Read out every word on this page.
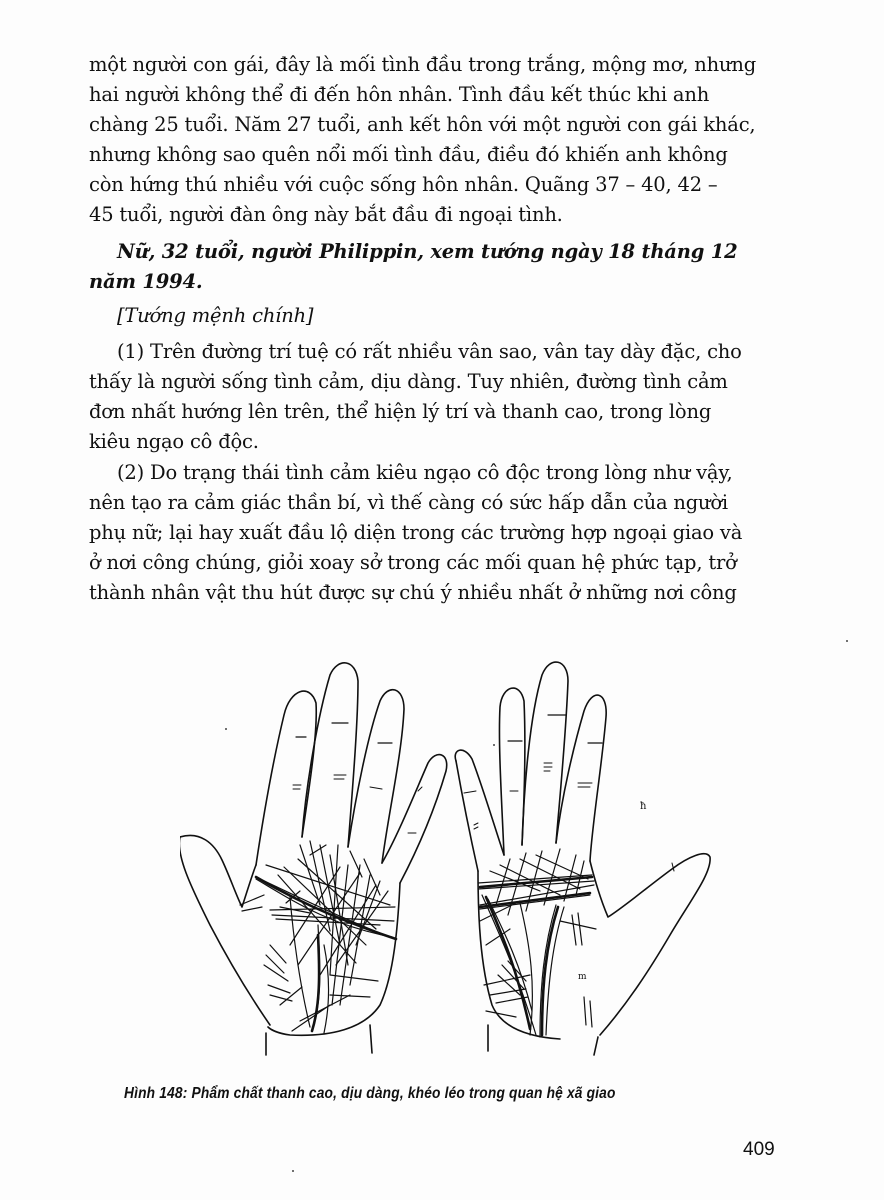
một người con gái, đây là mối tình đầu trong trắng, mộng mơ, nhưng
hai người không thể đi đến hôn nhân. Tình đầu kết thúc khi anh
chàng 25 tuổi. Năm 27 tuổi, anh kết hôn với một người con gái khác,
nhưng không sao quên nổi mối tình đầu, điều đó khiến anh không
còn hứng thú nhiều với cuộc sống hôn nhân. Quãng 37 – 40, 42 –
45 tuổi, người đàn ông này bắt đầu đi ngoại tình.

Nữ, 32 tuổi, người Philippin, xem tướng ngày 18 tháng 12
năm 1994.

[Tướng mệnh chính]

(1) Trên đường trí tuệ có rất nhiều vân sao, vân tay dày đặc, cho
thấy là người sống tình cảm, dịu dàng. Tuy nhiên, đường tình cảm
đơn nhất hướng lên trên, thể hiện lý trí và thanh cao, trong lòng
kiêu ngạo cô độc.

(2) Do trạng thái tình cảm kiêu ngạo cô độc trong lòng như vậy,
nên tạo ra cảm giác thần bí, vì thế càng có sức hấp dẫn của người
phụ nữ; lại hay xuất đầu lộ diện trong các trường hợp ngoại giao và
ở nơi công chúng, giỏi xoay sở trong các mối quan hệ phức tạp, trở
thành nhân vật thu hút được sự chú ý nhiều nhất ở những nơi công

m
ħ
Hình 148: Phẩm chất thanh cao, dịu dàng, khéo léo trong quan hệ xã giao
409
